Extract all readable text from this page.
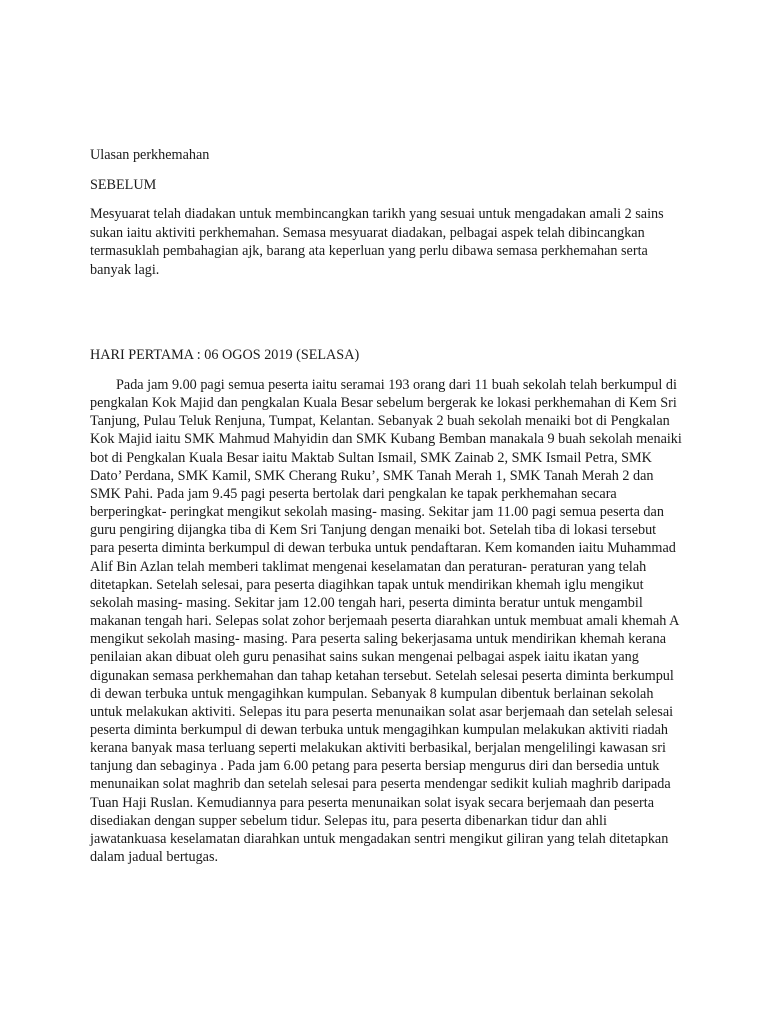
Ulasan perkhemahan

SEBELUM

Mesyuarat telah diadakan untuk membincangkan tarikh yang sesuai untuk mengadakan amali 2 sains sukan iaitu aktiviti perkhemahan. Semasa mesyuarat diadakan, pelbagai aspek telah dibincangkan termasuklah pembahagian ajk, barang ata keperluan yang perlu dibawa semasa perkhemahan serta banyak lagi.

HARI PERTAMA : 06 OGOS 2019 (SELASA)

Pada jam 9.00 pagi semua peserta iaitu seramai 193 orang dari 11 buah sekolah telah berkumpul di pengkalan Kok Majid dan pengkalan Kuala Besar sebelum bergerak ke lokasi perkhemahan di Kem Sri Tanjung, Pulau Teluk Renjuna, Tumpat, Kelantan. Sebanyak 2 buah sekolah menaiki bot di Pengkalan Kok Majid iaitu SMK Mahmud Mahyidin dan SMK Kubang Bemban manakala 9 buah sekolah menaiki bot di Pengkalan Kuala Besar iaitu Maktab Sultan Ismail, SMK Zainab 2, SMK Ismail Petra, SMK Dato’ Perdana, SMK Kamil, SMK Cherang Ruku’, SMK Tanah Merah 1, SMK Tanah Merah 2 dan SMK Pahi. Pada jam 9.45 pagi peserta bertolak dari pengkalan ke tapak perkhemahan secara berperingkat- peringkat mengikut sekolah masing- masing. Sekitar jam 11.00 pagi semua peserta dan guru pengiring dijangka tiba di Kem Sri Tanjung dengan menaiki bot. Setelah tiba di lokasi tersebut para peserta diminta berkumpul di dewan terbuka untuk pendaftaran. Kem komanden iaitu Muhammad Alif Bin Azlan telah memberi taklimat mengenai keselamatan dan peraturan- peraturan yang telah ditetapkan. Setelah selesai, para peserta diagihkan tapak untuk mendirikan khemah iglu mengikut sekolah masing- masing. Sekitar jam 12.00 tengah hari, peserta diminta beratur untuk mengambil makanan tengah hari. Selepas solat zohor berjemaah peserta diarahkan untuk membuat amali khemah A mengikut sekolah masing- masing. Para peserta saling bekerjasama untuk mendirikan khemah kerana penilaian akan dibuat oleh guru penasihat sains sukan mengenai pelbagai aspek iaitu ikatan yang digunakan semasa perkhemahan dan tahap ketahan tersebut. Setelah selesai peserta diminta berkumpul di dewan terbuka untuk mengagihkan kumpulan. Sebanyak 8 kumpulan dibentuk berlainan sekolah untuk melakukan aktiviti. Selepas itu para peserta menunaikan solat asar berjemaah dan setelah selesai peserta diminta berkumpul di dewan terbuka untuk mengagihkan kumpulan melakukan aktiviti riadah kerana banyak masa terluang seperti melakukan aktiviti berbasikal, berjalan mengelilingi kawasan sri tanjung dan sebaginya . Pada jam 6.00 petang para peserta bersiap mengurus diri dan bersedia untuk menunaikan solat maghrib dan setelah selesai para peserta mendengar sedikit kuliah maghrib daripada Tuan Haji Ruslan. Kemudiannya para peserta menunaikan solat isyak secara berjemaah dan peserta disediakan dengan supper sebelum tidur. Selepas itu, para peserta dibenarkan tidur dan ahli jawatankuasa keselamatan diarahkan untuk mengadakan sentri mengikut giliran yang telah ditetapkan dalam jadual bertugas.
